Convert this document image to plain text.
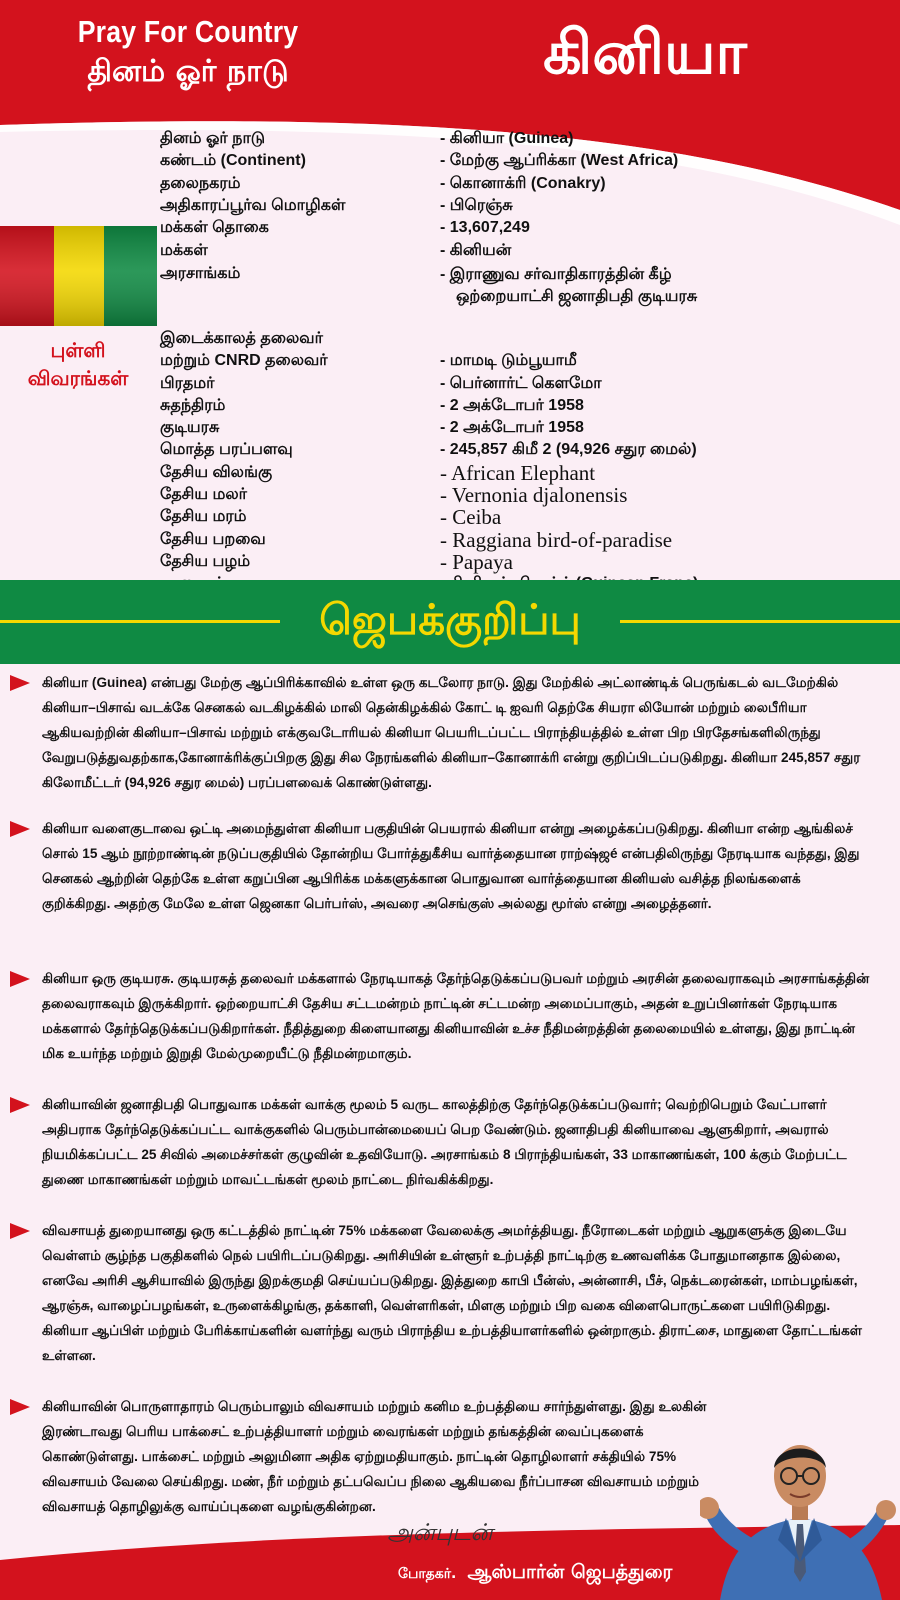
Pray For Country
தினம் ஓர் நாடு	கினியா
புள்ளி
விவரங்கள்
தினம் ஓர் நாடு	- கினியா (Guinea)
கண்டம் (Continent)	- மேற்கு ஆப்ரிக்கா (West Africa)
தலைநகரம்	- கொனாக்ரி (Conakry)
அதிகாரப்பூர்வ மொழிகள்	- பிரெஞ்சு
மக்கள் தொகை	- 13,607,249
மக்கள்	- கினியன்
அரசாங்கம்	- இராணுவ சர்வாதிகாரத்தின் கீழ்
ஒற்றையாட்சி ஜனாதிபதி குடியரசு
இடைக்காலத் தலைவர்
மற்றும் CNRD தலைவர்	- மாமடி டும்பூயாமீ
பிரதமர்	- பெர்னார்ட் கௌமோ
சுதந்திரம்	- 2 அக்டோபர் 1958
குடியரசு	- 2 அக்டோபர் 1958
மொத்த பரப்பளவு	- 245,857 கிமீ 2 (94,926 சதுர மைல்)
தேசிய விலங்கு	- African Elephant
தேசிய மலர்	- Vernonia djalonensis
தேசிய மரம்	- Ceiba
தேசிய பறவை	- Raggiana bird-of-paradise
தேசிய பழம்	- Papaya
ஜெபக்குறிப்பு
கினியா (Guinea) என்பது மேற்கு ஆப்பிரிக்காவில் உள்ள ஒரு கடலோர நாடு. இது மேற்கில் அட்லாண்டிக் பெருங்கடல் வடமேற்கில் கினியா–பிசாவ் வடக்கே செனகல் வடகிழக்கில் மாலி தென்கிழக்கில் கோட் டி ஐவரி தெற்கே சியரா லியோன் மற்றும் லைபீரியா ஆகியவற்றின் கினியா–பிசாவ் மற்றும் எக்குவடோரியல் கினியா பெயரிடப்பட்ட பிராந்தியத்தில் உள்ள பிற பிரதேசங்களிலிருந்து வேறுபடுத்துவதற்காக,கோனாக்ரிக்குப்பிறகு இது சில நேரங்களில் கினியா–கோனாக்ரி என்று குறிப்பிடப்படுகிறது. கினியா 245,857 சதுர கிலோமீட்டர் (94,926 சதுர மைல்) பரப்பளவைக் கொண்டுள்ளது.
கினியா வளைகுடாவை ஒட்டி அமைந்துள்ள கினியா பகுதியின் பெயரால் கினியா என்று அழைக்கப்படுகிறது. கினியா என்ற ஆங்கிலச் சொல் 15 ஆம் நூற்றாண்டின் நடுப்பகுதியில் தோன்றிய போர்த்துகீசிய வார்த்தையான ராற்ஷ்ஜé என்பதிலிருந்து நேரடியாக வந்தது, இது செனகல் ஆற்றின் தெற்கே உள்ள கறுப்பின ஆபிரிக்க மக்களுக்கான பொதுவான வார்த்தையான கினியஸ் வசித்த நிலங்களைக் குறிக்கிறது. அதற்கு மேலே உள்ள ஜெனகா பெர்பர்ஸ், அவரை அசெங்குஸ் அல்லது மூர்ஸ் என்று அழைத்தனர்.
கினியா ஒரு குடியரசு. குடியரசுத் தலைவர் மக்களால் நேரடியாகத் தேர்ந்தெடுக்கப்படுபவர் மற்றும் அரசின் தலைவராகவும் அரசாங்கத்தின் தலைவராகவும் இருக்கிறார். ஒற்றையாட்சி தேசிய சட்டமன்றம் நாட்டின் சட்டமன்ற அமைப்பாகும், அதன் உறுப்பினர்கள் நேரடியாக மக்களால் தேர்ந்தெடுக்கப்படுகிறார்கள். நீதித்துறை கிளையானது கினியாவின் உச்ச நீதிமன்றத்தின் தலைமையில் உள்ளது, இது நாட்டின் மிக உயர்ந்த மற்றும் இறுதி மேல்முறையீட்டு நீதிமன்றமாகும்.
கினியாவின் ஜனாதிபதி பொதுவாக மக்கள் வாக்கு மூலம் 5 வருட காலத்திற்கு தேர்ந்தெடுக்கப்படுவார்; வெற்றிபெறும் வேட்பாளர் அதிபராக தேர்ந்தெடுக்கப்பட்ட வாக்குகளில் பெரும்பான்மையைப் பெற வேண்டும். ஜனாதிபதி கினியாவை ஆளுகிறார், அவரால் நியமிக்கப்பட்ட 25 சிவில் அமைச்சர்கள் குழுவின் உதவியோடு. அரசாங்கம் 8 பிராந்தியங்கள், 33 மாகாணங்கள், 100 க்கும் மேற்பட்ட துணை மாகாணங்கள் மற்றும் மாவட்டங்கள் மூலம் நாட்டை நிர்வகிக்கிறது.
விவசாயத் துறையானது ஒரு கட்டத்தில் நாட்டின் 75% மக்களை வேலைக்கு அமர்த்தியது. நீரோடைகள் மற்றும் ஆறுகளுக்கு இடையே வெள்ளம் சூழ்ந்த பகுதிகளில் நெல் பயிரிடப்படுகிறது. அரிசியின் உள்ளூர் உற்பத்தி நாட்டிற்கு உணவளிக்க போதுமானதாக இல்லை, எனவே அரிசி ஆசியாவில் இருந்து இறக்குமதி செய்யப்படுகிறது. இத்துறை காபி பீன்ஸ், அன்னாசி, பீச், நெக்டரைன்கள், மாம்பழங்கள், ஆரஞ்சு, வாழைப்பழங்கள், உருளைக்கிழங்கு, தக்காளி, வெள்ளரிகள், மிளகு மற்றும் பிற வகை விளைபொருட்களை பயிரிடுகிறது. கினியா ஆப்பிள் மற்றும் பேரிக்காய்களின் வளர்ந்து வரும் பிராந்திய உற்பத்தியாளர்களில் ஒன்றாகும். திராட்சை, மாதுளை தோட்டங்கள் உள்ளன.
கினியாவின் பொருளாதாரம் பெரும்பாலும் விவசாயம் மற்றும் கனிம உற்பத்தியை சார்ந்துள்ளது. இது உலகின் இரண்டாவது பெரிய பாக்சைட் உற்பத்தியாளர் மற்றும் வைரங்கள் மற்றும் தங்கத்தின் வைப்புகளைக் கொண்டுள்ளது. பாக்சைட் மற்றும் அலுமினா அதிக ஏற்றுமதியாகும். நாட்டின் தொழிலாளர் சக்தியில் 75% விவசாயம் வேலை செய்கிறது. மண், நீர் மற்றும் தட்பவெப்ப நிலை ஆகியவை நீர்ப்பாசன விவசாயம் மற்றும் விவசாயத் தொழிலுக்கு வாய்ப்புகளை வழங்குகின்றன.
அன்புடன்
போதகர். ஆஸ்பார்ன் ஜெபத்துரை
